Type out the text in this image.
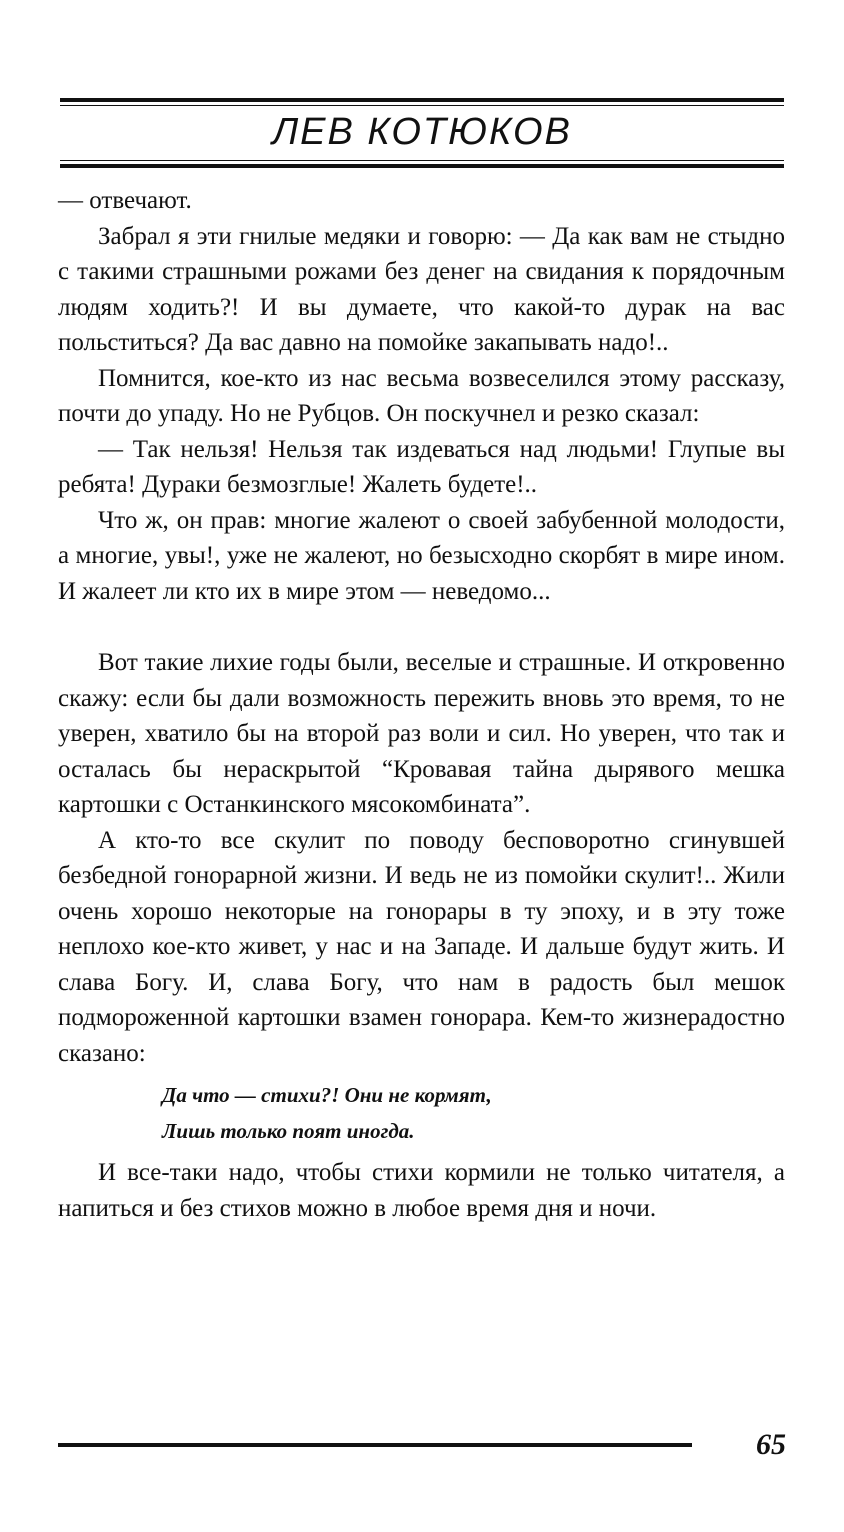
ЛЕВ КОТЮКОВ

— отвечают.

Забрал я эти гнилые медяки и говорю: — Да как вам не стыдно с такими страшными рожами без денег на свидания к порядочным людям ходить?! И вы думаете, что какой-то дурак на вас польститься? Да вас давно на помойке закапывать надо!..

Помнится, кое-кто из нас весьма возвеселился этому рассказу, почти до упаду. Но не Рубцов. Он поскучнел и резко сказал:

— Так нельзя! Нельзя так издеваться над людьми! Глупые вы ребята! Дураки безмозглые! Жалеть будете!..

Что ж, он прав: многие жалеют о своей забубенной молодости, а многие, увы!, уже не жалеют, но безысходно скорбят в мире ином. И жалеет ли кто их в мире этом — неведомо...

Вот такие лихие годы были, веселые и страшные. И откровенно скажу: если бы дали возможность пережить вновь это время, то не уверен, хватило бы на второй раз воли и сил. Но уверен, что так и осталась бы нераскрытой “Кровавая тайна дырявого мешка картошки с Останкинского мясокомбината”.

А кто-то все скулит по поводу бесповоротно сгинувшей безбедной гонорарной жизни. И ведь не из помойки скулит!.. Жили очень хорошо некоторые на гонорары в ту эпоху, и в эту тоже неплохо кое-кто живет, у нас и на Западе. И дальше будут жить. И слава Богу. И, слава Богу, что нам в радость был мешок подмороженной картошки взамен гонорара. Кем-то жизнерадостно сказано:

Да что — стихи?! Они не кормят,
Лишь только поят иногда.

И все-таки надо, чтобы стихи кормили не только читателя, а напиться и без стихов можно в любое время дня и ночи.

65
